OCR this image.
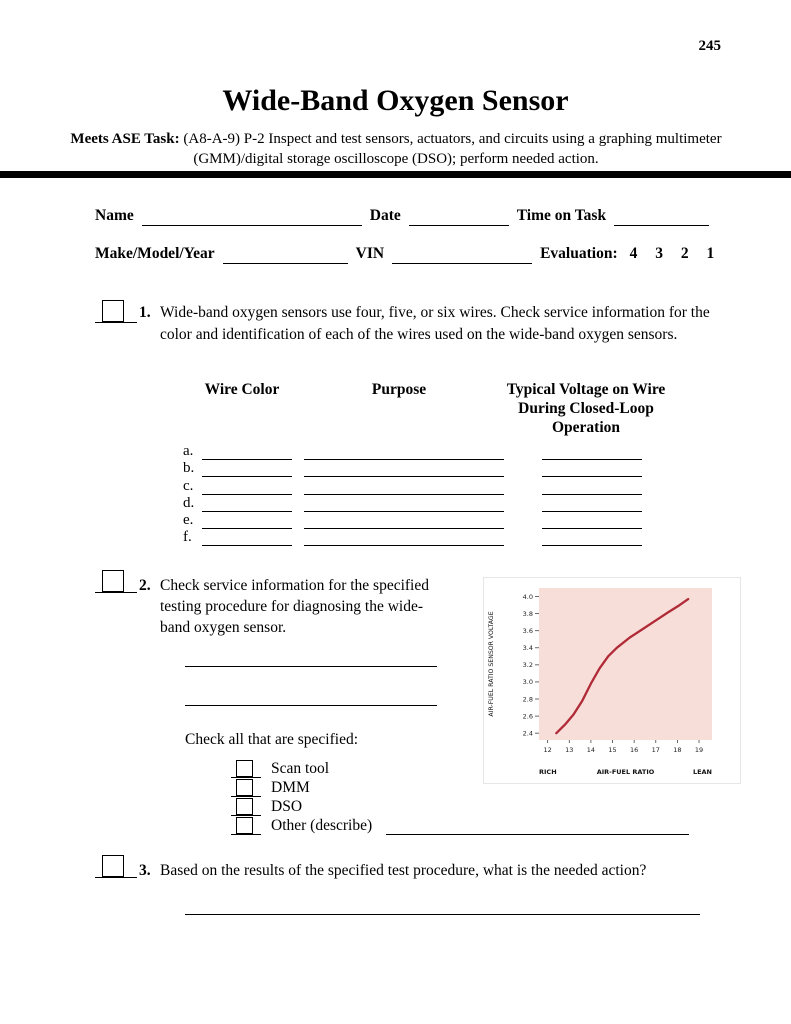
245
Wide-Band Oxygen Sensor

Meets ASE Task: (A8-A-9) P-2 Inspect and test sensors, actuators, and circuits using a graphing multimeter (GMM)/digital storage oscilloscope (DSO); perform needed action.

Name	Date	Time on Task
Make/Model/Year	VIN	Evaluation: 4 3 2 1
1. Wide-band oxygen sensors use four, five, or six wires. Check service information for the color and identification of each of the wires used on the wide-band oxygen sensors.
Wire Color	Purpose	Typical Voltage on Wire
During Closed-Loop
Operation
a.
b.
c.
d.
e.
f.
2. Check service information for the specified testing procedure for diagnosing the wide-band oxygen sensor.
2.4
2.6
2.8
3.0
3.2
3.4
3.6
3.8
4.0
12 13 14 15 16 17 18 19
AIR-FUEL RATIO SENSOR VOLTAGE
RICH	AIR-FUEL RATIO	LEAN
Check all that are specified:
Scan tool
DMM
DSO
Other (describe)
3. Based on the results of the specified test procedure, what is the needed action?
